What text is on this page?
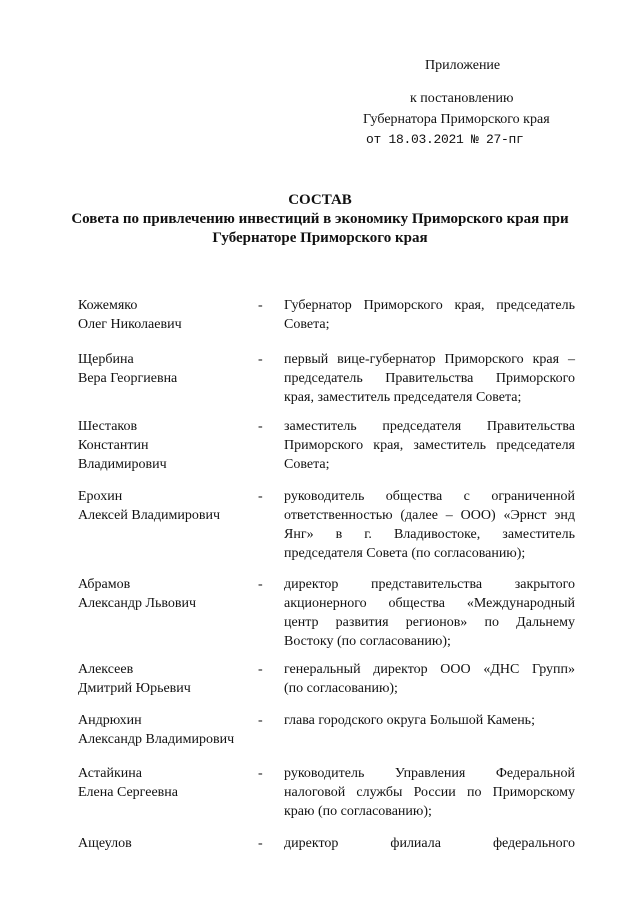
Приложение
к постановлению
Губернатора Приморского края
от 18.03.2021 № 27-пг
СОСТАВ
Совета по привлечению инвестиций в экономику Приморского края при
Губернаторе Приморского края
Кожемяко
Олег Николаевич
- Губернатор Приморского края, председатель
Совета;
Щербина
Вера Георгиевна
- первый вице-губернатор Приморского края –
председатель Правительства Приморского
края, заместитель председателя Совета;
Шестаков
Константин
Владимирович
- заместитель председателя Правительства
Приморского края, заместитель председателя
Совета;
Ерохин
Алексей Владимирович
- руководитель общества с ограниченной
ответственностью (далее – ООО) «Эрнст энд
Янг» в г. Владивостоке, заместитель
председателя Совета (по согласованию);
Абрамов
Александр Львович
- директор представительства закрытого
акционерного общества «Международный
центр развития регионов» по Дальнему
Востоку (по согласованию);
Алексеев
Дмитрий Юрьевич
- генеральный директор ООО «ДНС Групп»
(по согласованию);
Андрюхин
Александр Владимирович
- глава городского округа Большой Камень;
Астайкина
Елена Сергеевна
- руководитель Управления Федеральной
налоговой службы России по Приморскому
краю (по согласованию);
Ащеулов	- директор филиала федерального
